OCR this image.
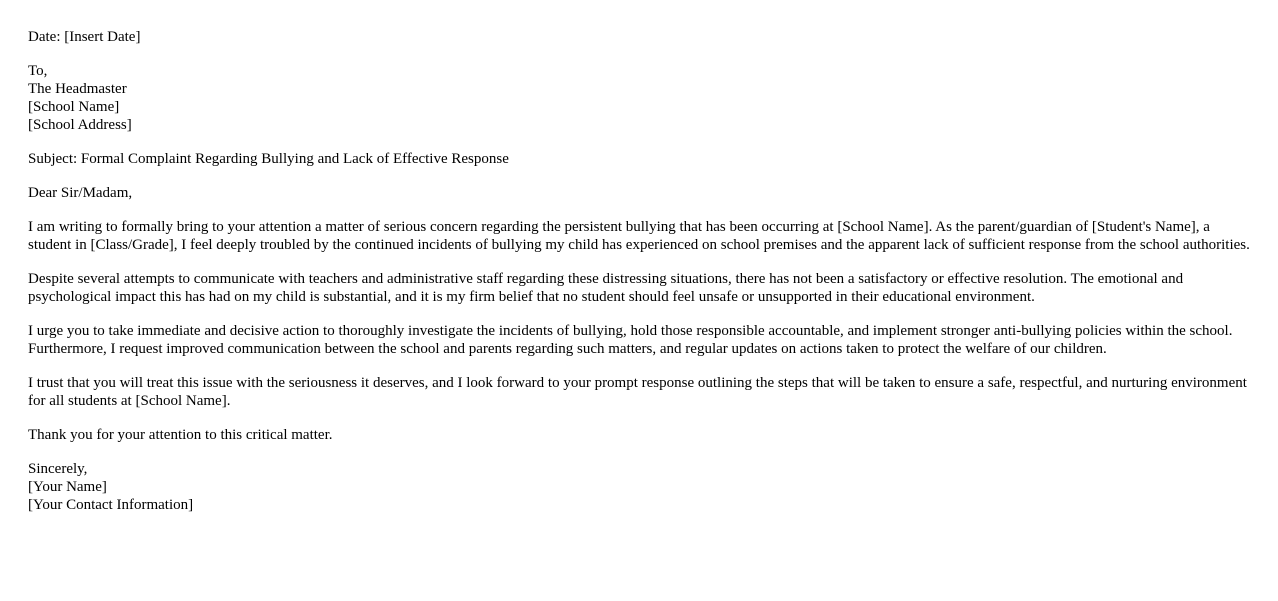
Date: [Insert Date]

To,
The Headmaster
[School Name]
[School Address]

Subject: Formal Complaint Regarding Bullying and Lack of Effective Response

Dear Sir/Madam,

I am writing to formally bring to your attention a matter of serious concern regarding the persistent bullying that has been occurring at [School Name]. As the parent/guardian of [Student's Name], a student in [Class/Grade], I feel deeply troubled by the continued incidents of bullying my child has experienced on school premises and the apparent lack of sufficient response from the school authorities.

Despite several attempts to communicate with teachers and administrative staff regarding these distressing situations, there has not been a satisfactory or effective resolution. The emotional and psychological impact this has had on my child is substantial, and it is my firm belief that no student should feel unsafe or unsupported in their educational environment.

I urge you to take immediate and decisive action to thoroughly investigate the incidents of bullying, hold those responsible accountable, and implement stronger anti-bullying policies within the school. Furthermore, I request improved communication between the school and parents regarding such matters, and regular updates on actions taken to protect the welfare of our children.

I trust that you will treat this issue with the seriousness it deserves, and I look forward to your prompt response outlining the steps that will be taken to ensure a safe, respectful, and nurturing environment for all students at [School Name].

Thank you for your attention to this critical matter.

Sincerely,
[Your Name]
[Your Contact Information]
